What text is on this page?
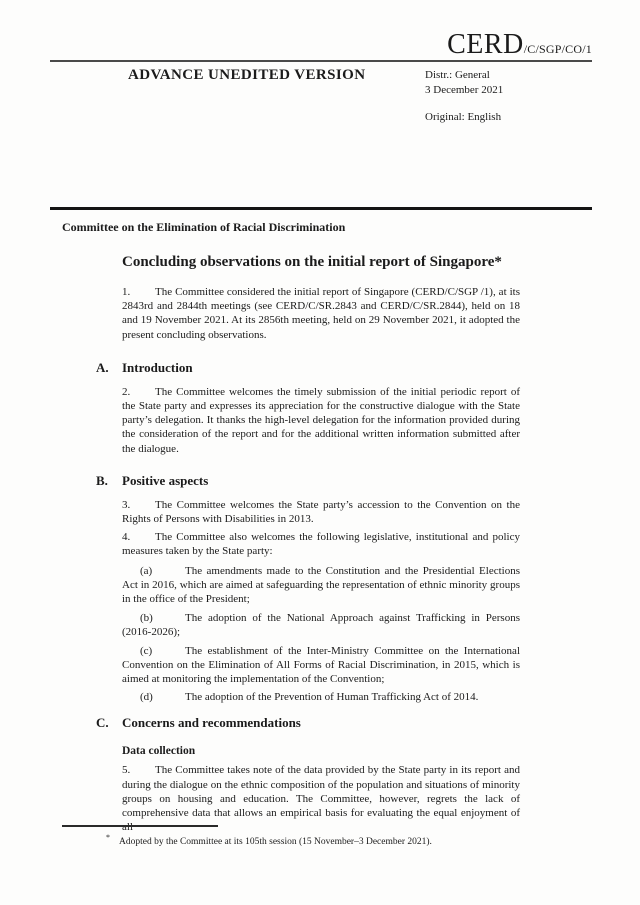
CERD/C/SGP/CO/1
ADVANCE UNEDITED VERSION	Distr.: General
3 December 2021
Original: English
Committee on the Elimination of Racial Discrimination
Concluding observations on the initial report of Singapore*

1. The Committee considered the initial report of Singapore (CERD/C/SGP /1), at its 2843rd and 2844th meetings (see CERD/C/SR.2843 and CERD/C/SR.2844), held on 18 and 19 November 2021. At its 2856th meeting, held on 29 November 2021, it adopted the present concluding observations.

A. Introduction

2. The Committee welcomes the timely submission of the initial periodic report of the State party and expresses its appreciation for the constructive dialogue with the State party’s delegation. It thanks the high-level delegation for the information provided during the consideration of the report and for the additional written information submitted after the dialogue.

B. Positive aspects

3. The Committee welcomes the State party’s accession to the Convention on the Rights of Persons with Disabilities in 2013.

4. The Committee also welcomes the following legislative, institutional and policy measures taken by the State party:

(a)	The amendments made to the Constitution and the Presidential Elections Act in 2016, which are aimed at safeguarding the representation of ethnic minority groups in the office of the President;

(b)	The adoption of the National Approach against Trafficking in Persons (2016-2026);

(c)	The establishment of the Inter-Ministry Committee on the International Convention on the Elimination of All Forms of Racial Discrimination, in 2015, which is aimed at monitoring the implementation of the Convention;

(d)	The adoption of the Prevention of Human Trafficking Act of 2014.

C. Concerns and recommendations
Data collection

5. The Committee takes note of the data provided by the State party in its report and during the dialogue on the ethnic composition of the population and situations of minority groups on housing and education. The Committee, however, regrets the lack of comprehensive data that allows an empirical basis for evaluating the equal enjoyment of all

* Adopted by the Committee at its 105th session (15 November–3 December 2021).
